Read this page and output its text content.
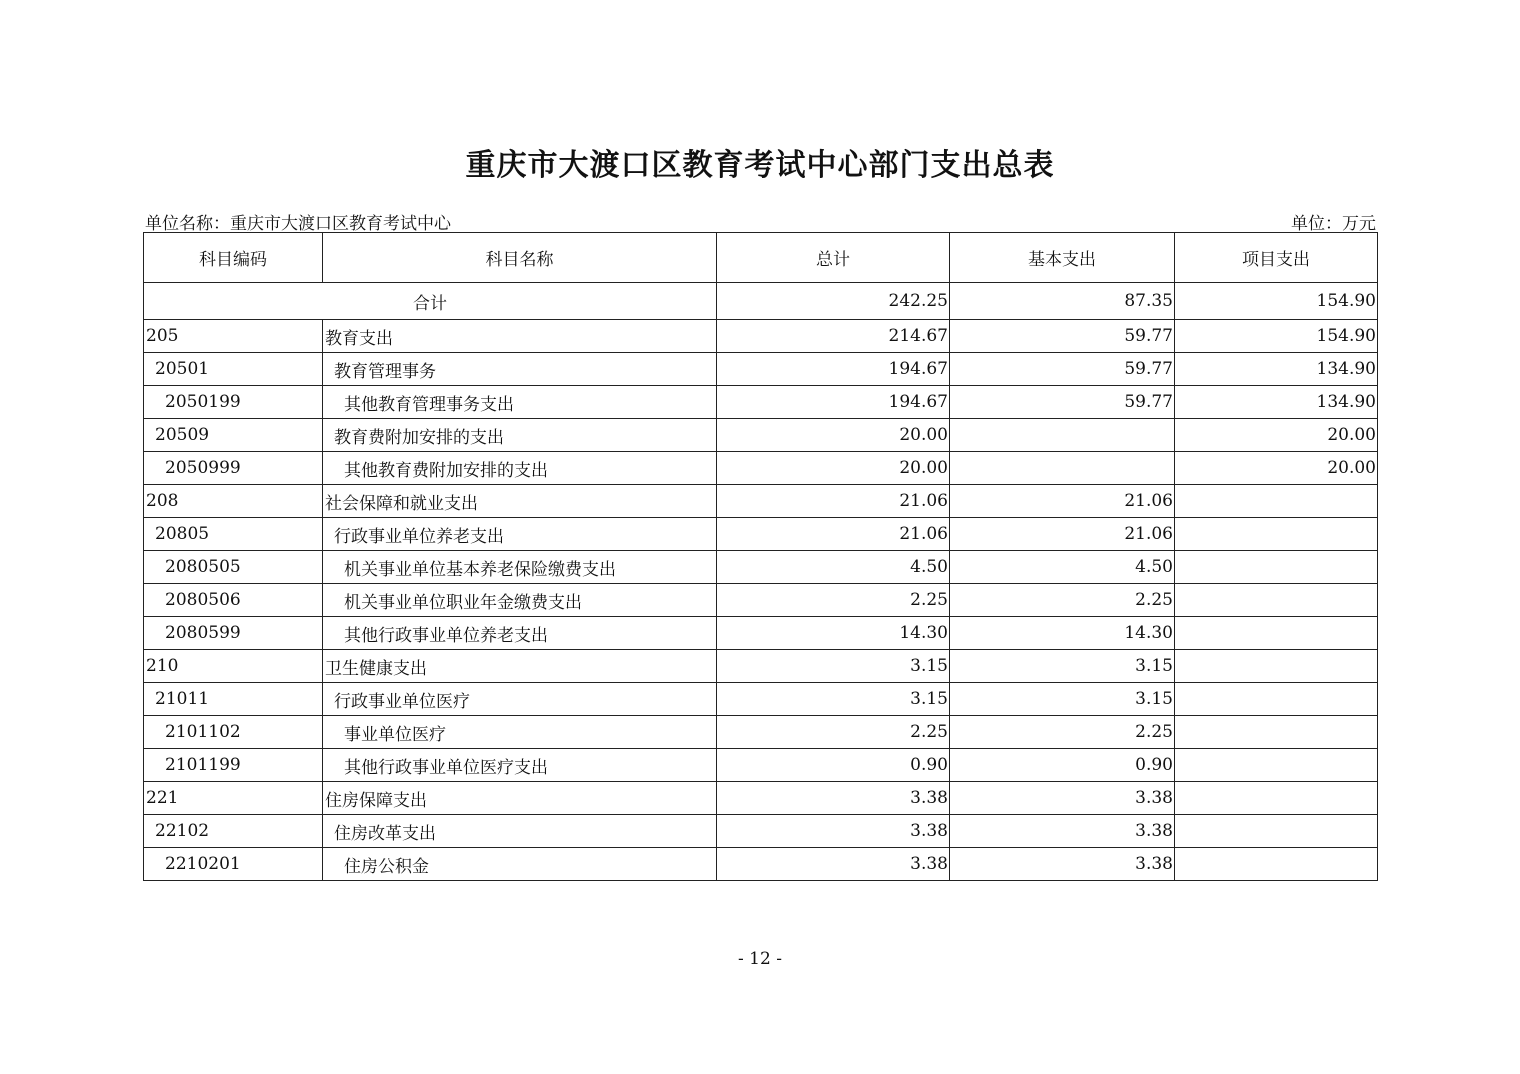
重庆市大渡口区教育考试中心部门支出总表
单位名称：重庆市大渡口区教育考试中心	单位：万元
科目编码	科目名称	总计	基本支出	项目支出
合计		242.25	87.35	154.90
205	教育支出	214.67	59.77	154.90
20501	教育管理事务	194.67	59.77	134.90
2050199	其他教育管理事务支出	194.67	59.77	134.90
20509	教育费附加安排的支出	20.00		20.00
2050999	其他教育费附加安排的支出	20.00		20.00
208	社会保障和就业支出	21.06	21.06	
20805	行政事业单位养老支出	21.06	21.06	
2080505	机关事业单位基本养老保险缴费支出	4.50	4.50	
2080506	机关事业单位职业年金缴费支出	2.25	2.25	
2080599	其他行政事业单位养老支出	14.30	14.30	
210	卫生健康支出	3.15	3.15	
21011	行政事业单位医疗	3.15	3.15	
2101102	事业单位医疗	2.25	2.25	
2101199	其他行政事业单位医疗支出	0.90	0.90	
221	住房保障支出	3.38	3.38	
22102	住房改革支出	3.38	3.38	
2210201	住房公积金	3.38	3.38	
- 12 -
